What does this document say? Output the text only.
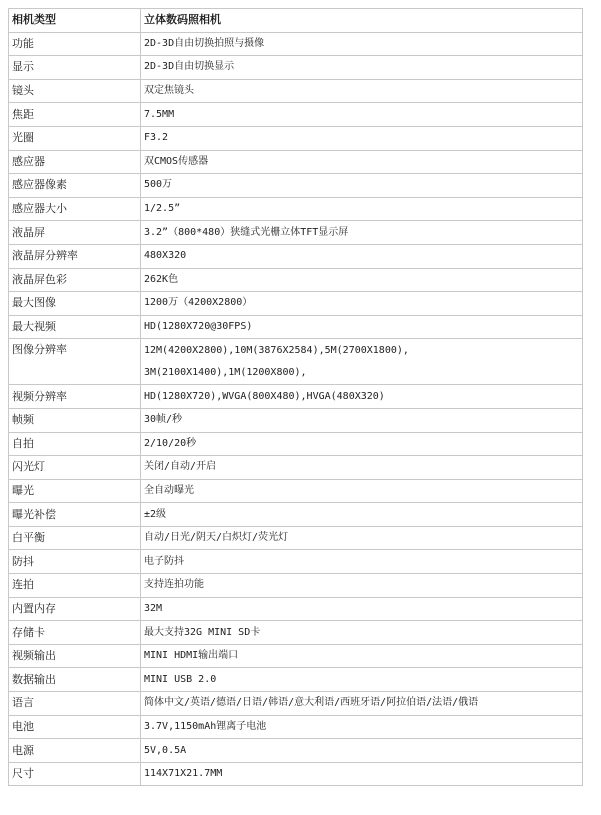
相机类型	立体数码照相机
功能	2D-3D自由切换拍照与摄像
显示	2D-3D自由切换显示
镜头	双定焦镜头
焦距	7.5MM
光圈	F3.2
感应器	双CMOS传感器
感应器像素	500万
感应器大小	1/2.5”
液晶屏	3.2”（800*480）狭缝式光栅立体TFT显示屏
液晶屏分辨率	480X320
液晶屏色彩	262K色
最大图像	1200万（4200X2800）
最大视频	HD(1280X720@30FPS)
图像分辨率	12M(4200X2800),10M(3876X2584),5M(2700X1800),
3M(2100X1400),1M(1200X800),

视频分辨率	HD(1280X720),WVGA(800X480),HVGA(480X320)
帧频	30帧/秒
自拍	2/10/20秒
闪光灯	关闭/自动/开启
曝光	全自动曝光
曝光补偿	±2级
白平衡	自动/日光/阴天/白炽灯/荧光灯
防抖	电子防抖
连拍	支持连拍功能
内置内存	32M
存储卡	最大支持32G MINI SD卡
视频输出	MINI HDMI输出端口
数据输出	MINI USB 2.0
语言	简体中文/英语/德语/日语/韩语/意大利语/西班牙语/阿拉伯语/法语/俄语
电池	3.7V,1150mAh锂离子电池
电源	5V,0.5A
尺寸	114X71X21.7MM
